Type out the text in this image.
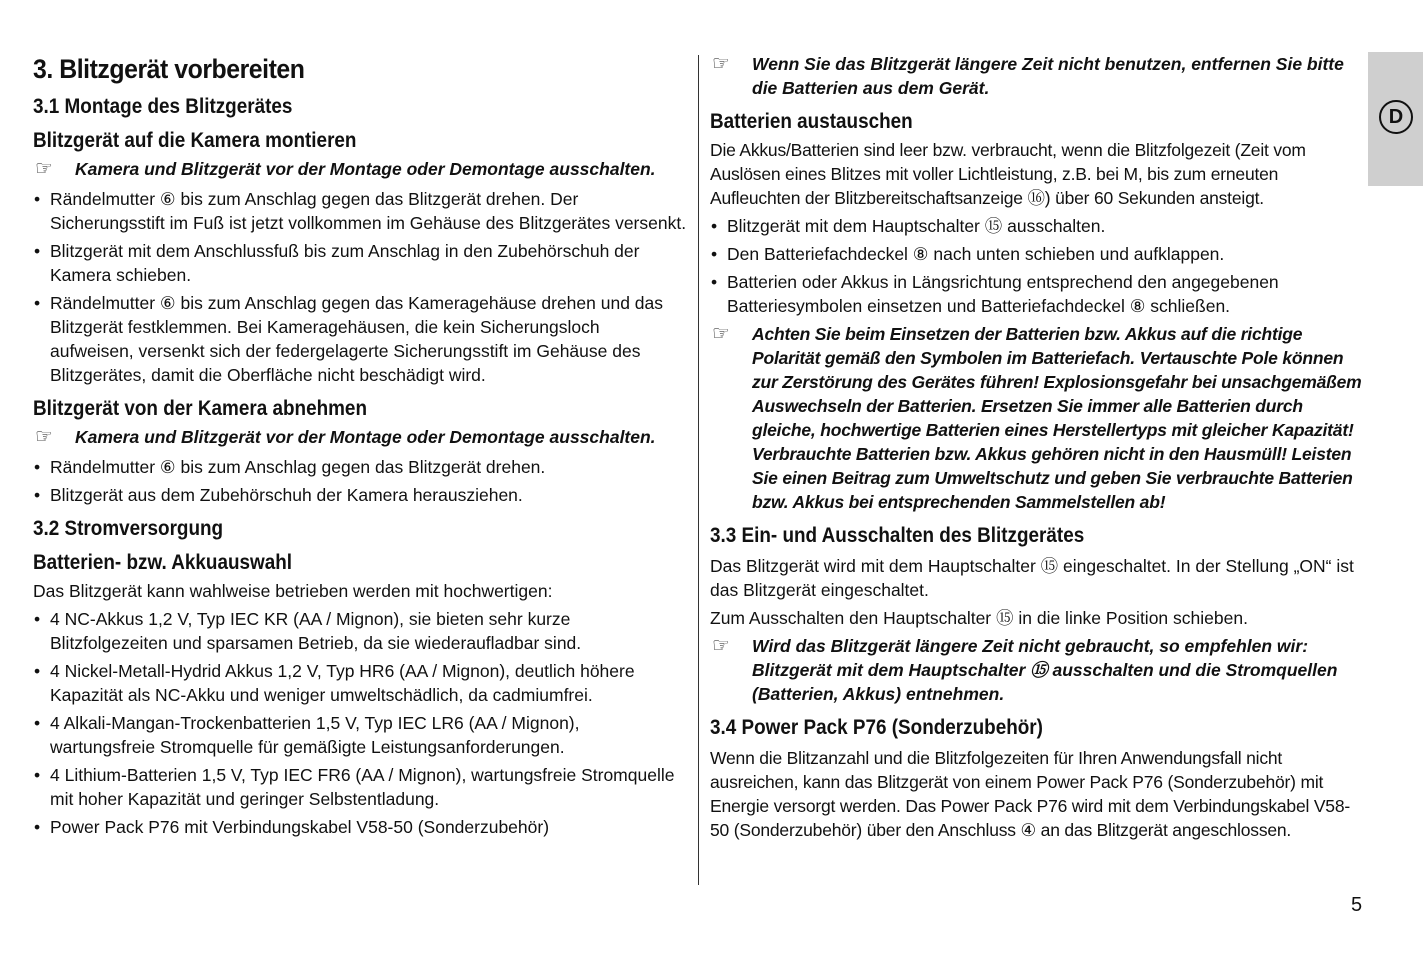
D
3. Blitzgerät vorbereiten
3.1 Montage des Blitzgerätes
Blitzgerät auf die Kamera montieren
☞ Kamera und Blitzgerät vor der Montage oder Demontage ausschalten.
• Rändelmutter ⑥ bis zum Anschlag gegen das Blitzgerät drehen. Der Sicherungsstift im Fuß ist jetzt vollkommen im Gehäuse des Blitzgerätes versenkt.
• Blitzgerät mit dem Anschlussfuß bis zum Anschlag in den Zubehörschuh der Kamera schieben.
• Rändelmutter ⑥ bis zum Anschlag gegen das Kameragehäuse drehen und das Blitzgerät festklemmen. Bei Kameragehäusen, die kein Sicherungsloch aufweisen, versenkt sich der federgelagerte Sicherungsstift im Gehäuse des Blitzgerätes, damit die Oberfläche nicht beschädigt wird.
Blitzgerät von der Kamera abnehmen
☞ Kamera und Blitzgerät vor der Montage oder Demontage ausschalten.
• Rändelmutter ⑥ bis zum Anschlag gegen das Blitzgerät drehen.
• Blitzgerät aus dem Zubehörschuh der Kamera herausziehen.
3.2 Stromversorgung
Batterien- bzw. Akkuauswahl

Das Blitzgerät kann wahlweise betrieben werden mit hochwertigen:

• 4 NC-Akkus 1,2 V, Typ IEC KR (AA / Mignon), sie bieten sehr kurze Blitzfolgezeiten und sparsamen Betrieb, da sie wiederaufladbar sind.
• 4 Nickel-Metall-Hydrid Akkus 1,2 V, Typ HR6 (AA / Mignon), deutlich höhere Kapazität als NC-Akku und weniger umweltschädlich, da cadmiumfrei.
• 4 Alkali-Mangan-Trockenbatterien 1,5 V, Typ IEC LR6 (AA / Mignon), wartungsfreie Stromquelle für gemäßigte Leistungsanforderungen.
• 4 Lithium-Batterien 1,5 V, Typ IEC FR6 (AA / Mignon), wartungsfreie Stromquelle mit hoher Kapazität und geringer Selbstentladung.
• Power Pack P76 mit Verbindungskabel V58-50 (Sonderzubehör)
☞ Wenn Sie das Blitzgerät längere Zeit nicht benutzen, entfernen Sie bitte die Batterien aus dem Gerät.
Batterien austauschen

Die Akkus/Batterien sind leer bzw. verbraucht, wenn die Blitzfolgezeit (Zeit vom Auslösen eines Blitzes mit voller Lichtleistung, z.B. bei M, bis zum erneuten Aufleuchten der Blitzbereitschaftsanzeige ⑯) über 60 Sekunden ansteigt.

• Blitzgerät mit dem Hauptschalter ⑮ ausschalten.
• Den Batteriefachdeckel ⑧ nach unten schieben und aufklappen.
• Batterien oder Akkus in Längsrichtung entsprechend den angegebenen Batteriesymbolen einsetzen und Batteriefachdeckel ⑧ schließen.
☞ Achten Sie beim Einsetzen der Batterien bzw. Akkus auf die richtige Polarität gemäß den Symbolen im Batteriefach. Vertauschte Pole können zur Zerstörung des Gerätes führen! Explosionsgefahr bei unsachgemäßem Auswechseln der Batterien. Ersetzen Sie immer alle Batterien durch gleiche, hochwertige Batterien eines Herstellertyps mit gleicher Kapazität! Verbrauchte Batterien bzw. Akkus gehören nicht in den Hausmüll! Leisten Sie einen Beitrag zum Umweltschutz und geben Sie verbrauchte Batterien bzw. Akkus bei entsprechenden Sammelstellen ab!
3.3 Ein- und Ausschalten des Blitzgerätes

Das Blitzgerät wird mit dem Hauptschalter ⑮ eingeschaltet. In der Stellung „ON“ ist das Blitzgerät eingeschaltet.

Zum Ausschalten den Hauptschalter ⑮ in die linke Position schieben.

☞ Wird das Blitzgerät längere Zeit nicht gebraucht, so empfehlen wir: Blitzgerät mit dem Hauptschalter ⑮ ausschalten und die Stromquellen (Batterien, Akkus) entnehmen.
3.4 Power Pack P76 (Sonderzubehör)

Wenn die Blitzanzahl und die Blitzfolgezeiten für Ihren Anwendungsfall nicht ausreichen, kann das Blitzgerät von einem Power Pack P76 (Sonderzubehör) mit Energie versorgt werden. Das Power Pack P76 wird mit dem Verbindungskabel V58-50 (Sonderzubehör) über den Anschluss ④ an das Blitzgerät angeschlossen.

5
